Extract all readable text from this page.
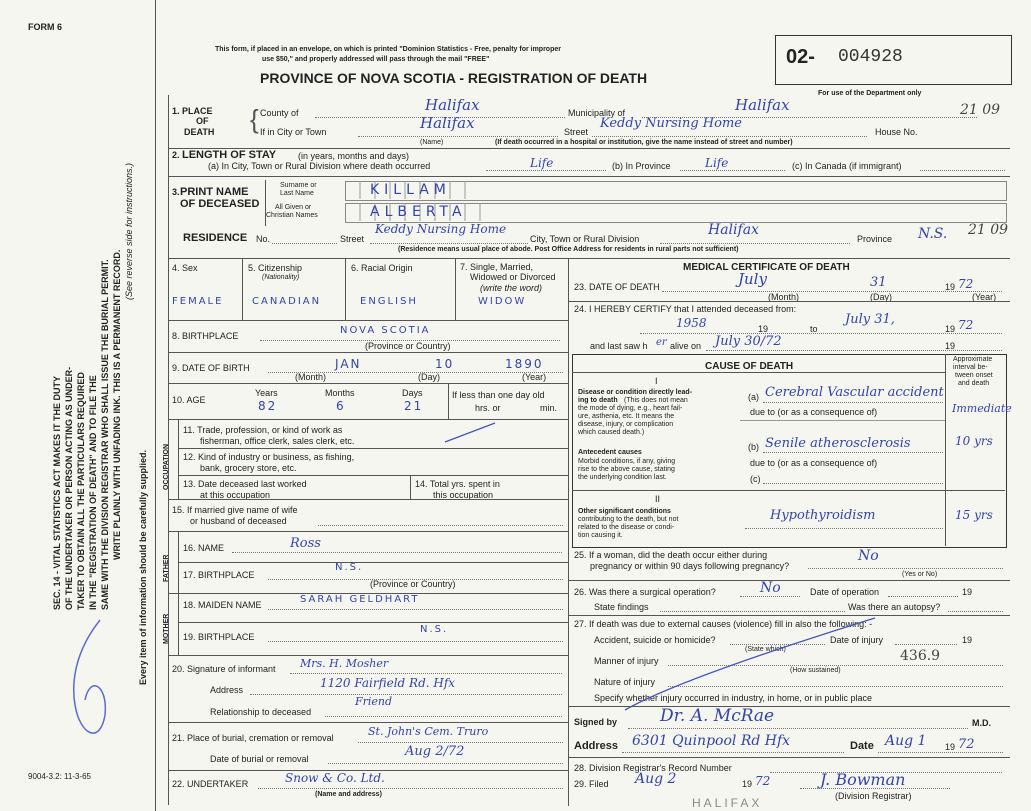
SEC. 14 - VITAL STATISTICS ACT MAKES IT THE DUTY OF THE UNDERTAKER OR PERSON ACTING AS UNDER- TAKER TO OBTAIN ALL THE PARTICULARS REQUIRED IN THE "REGISTRATION OF DEATH" AND TO FILE THE SAME WITH THE DIVISION REGISTRAR WHO SHALL ISSUE THE BURIAL PERMIT. WRITE PLAINLY WITH UNFADING INK. THIS IS A PERMANENT RECORD.
(See reverse side for instructions.)
Every item of information should be carefully supplied.
FORM 6
9004-3.2: 11-3-65
This form, if placed in an envelope, on which is printed "Dominion Statistics - Free, penalty for improper
use $50," and properly addressed will pass through the mail "FREE"
PROVINCE OF NOVA SCOTIA - REGISTRATION OF DEATH
02- 004928
For use of the Department only
1. PLACE
OF
DEATH { County of	Halifax	Municipality of	Halifax
If in City or Town	Halifax
(Name)
Street
Keddy Nursing Home
House No.
(If death occurred in a hospital or institution, give the name instead of street and number)
21 09
2. LENGTH OF STAY (in years, months and days)
(a) In City, Town or Rural Division where death occurred	Life	(b) In Province	Life	(c) In Canada (if immigrant)
3. PRINT NAME
OF DECEASED
Surname or
Last Name
All Given or
Christian Names
KILLAM
ALBERTA
RESIDENCE No.	Street
Keddy Nursing Home
City, Town or Rural Division
Halifax
Province N.S.
(Residence means usual place of abode. Post Office Address for residents in rural parts not sufficient)
21 09
4. Sex
FEMALE
5. Citizenship
(Nationality)
CANADIAN
6. Racial Origin
ENGLISH
7. Single, Married,
Widowed or Divorced
(write the word)
WIDOW
8. BIRTHPLACE	NOVA SCOTIA
(Province or Country)
9. DATE OF BIRTH	JAN	10	1890
(Month)	(Day)	(Year)
10. AGE
Years	Months	Days
82	6	21
If less than one day old
hrs. or	min.
OCCUPATION
11. Trade, profession, or kind of work as
fisherman, office clerk, sales clerk, etc.
12. Kind of industry or business, as fishing,
bank, grocery store, etc.
13. Date deceased last worked
at this occupation
14. Total yrs. spent in
this occupation
15. If married give name of wife
or husband of deceased
FATHER
16. NAME	Ross
17. BIRTHPLACE
N.S.
(Province or Country)
MOTHER
18. MAIDEN NAME	SARAH GELDHART
19. BIRTHPLACE
N.S.
20. Signature of informant Mrs. H. Mosher
Address	1120 Fairfield Rd. Hfx
Friend
Relationship to deceased
21. Place of burial, cremation or removal	St. John's Cem. Truro
Date of burial or removal	Aug 2/72
22. UNDERTAKER	Snow & Co. Ltd.
(Name and address)
MEDICAL CERTIFICATE OF DEATH
23. DATE OF DEATH	July	31	19 72
(Month)	(Day)	(Year)
24. I HEREBY CERTIFY that I attended deceased from:
1958	19	to
July 31,
19 72
and last saw h er alive on July 30/72	19
CAUSE OF DEATH
Approximate
interval be-
tween onset
and death
I
Disease or condition directly lead-
ing to death (This does not mean
the mode of dying, e.g., heart fail-
ure, asthenia, etc. It means the
disease, injury, or complication
which caused death.)
(a) Cerebral Vascular accident
Immediate
due to (or as a consequence of)
Antecedent causes
Morbid conditions, if any, giving
rise to the above cause, stating
the underlying condition last.
(b) Senile atherosclerosis	10 yrs
due to (or as a consequence of)
(c)
II
Other significant conditions
contributing to the death, but not
related to the disease or condi-
tion causing it.
Hypothyroidism	15 yrs
25. If a woman, did the death occur either during
pregnancy or within 90 days following pregnancy?
No
(Yes or No)
26. Was there a surgical operation?	No	Date of operation	19
State findings	Was there an autopsy?
27. If death was due to external causes (violence) fill in also the following: -
Accident, suicide or homicide?	Date of injury	19
(State which)
Manner of injury
(How sustained)
436.9
Nature of injury
Specify whether injury occurred in industry, in home, or in public place
Signed by	Dr. A. McRae	M.D.
Address 6301 Quinpool Rd Hfx	Date Aug 1 19 72
28. Division Registrar's Record Number
29. Filed Aug 2	19 72	J. Bowman
(Division Registrar)
HALIFAX
